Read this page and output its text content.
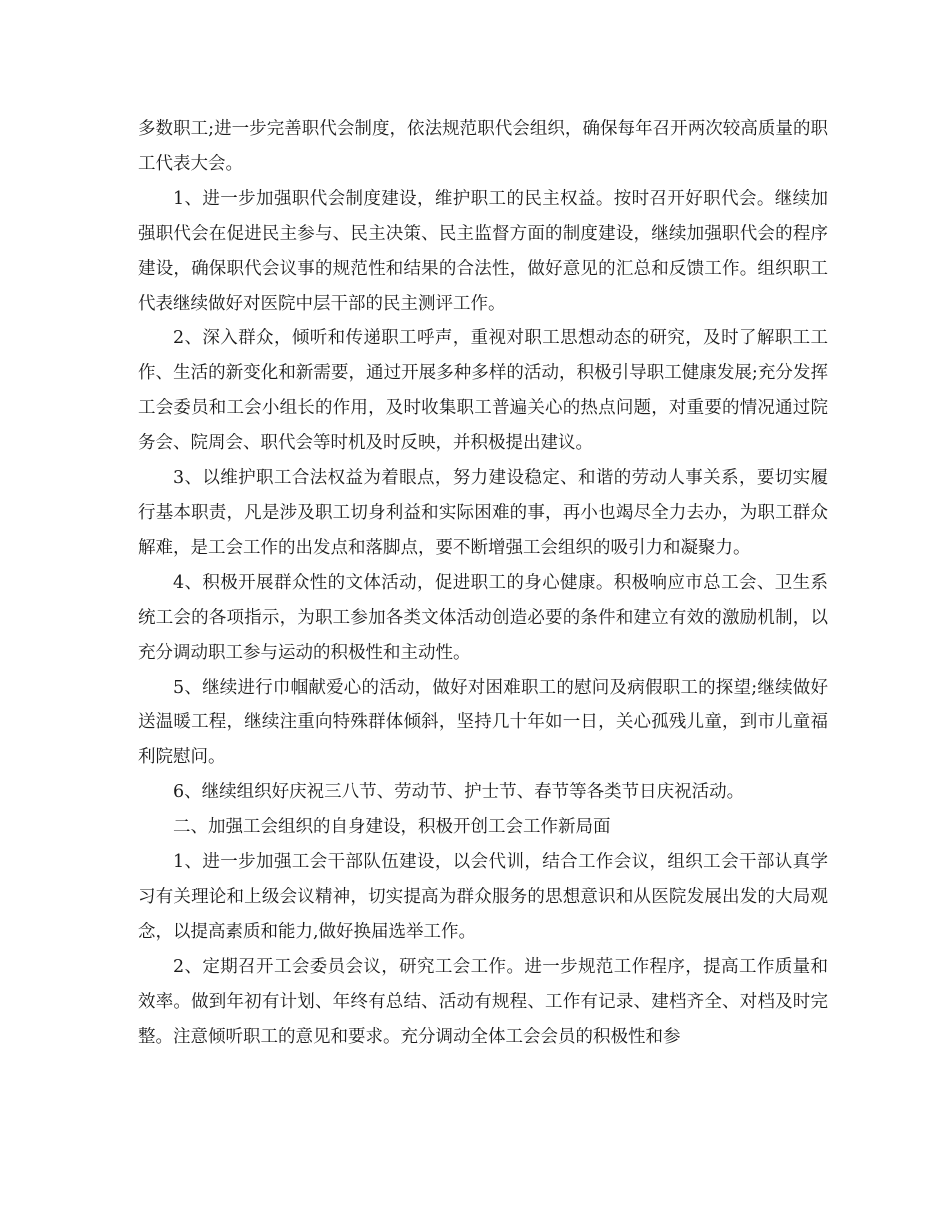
多数职工;进一步完善职代会制度，依法规范职代会组织，确保每年召开两次较高质量的职工代表大会。

1、进一步加强职代会制度建设，维护职工的民主权益。按时召开好职代会。继续加强职代会在促进民主参与、民主决策、民主监督方面的制度建设，继续加强职代会的程序建设，确保职代会议事的规范性和结果的合法性，做好意见的汇总和反馈工作。组织职工代表继续做好对医院中层干部的民主测评工作。

2、深入群众，倾听和传递职工呼声，重视对职工思想动态的研究，及时了解职工工作、生活的新变化和新需要，通过开展多种多样的活动，积极引导职工健康发展;充分发挥工会委员和工会小组长的作用，及时收集职工普遍关心的热点问题，对重要的情况通过院务会、院周会、职代会等时机及时反映，并积极提出建议。

3、以维护职工合法权益为着眼点，努力建设稳定、和谐的劳动人事关系，要切实履行基本职责，凡是涉及职工切身利益和实际困难的事，再小也竭尽全力去办，为职工群众解难，是工会工作的出发点和落脚点，要不断增强工会组织的吸引力和凝聚力。

4、积极开展群众性的文体活动，促进职工的身心健康。积极响应市总工会、卫生系统工会的各项指示，为职工参加各类文体活动创造必要的条件和建立有效的激励机制，以充分调动职工参与运动的积极性和主动性。

5、继续进行巾帼献爱心的活动，做好对困难职工的慰问及病假职工的探望;继续做好送温暖工程，继续注重向特殊群体倾斜，坚持几十年如一日，关心孤残儿童，到市儿童福利院慰问。

6、继续组织好庆祝三八节、劳动节、护士节、春节等各类节日庆祝活动。

二、加强工会组织的自身建设，积极开创工会工作新局面

1、进一步加强工会干部队伍建设，以会代训，结合工作会议，组织工会干部认真学习有关理论和上级会议精神，切实提高为群众服务的思想意识和从医院发展出发的大局观念，以提高素质和能力,做好换届选举工作。

2、定期召开工会委员会议，研究工会工作。进一步规范工作程序，提高工作质量和效率。做到年初有计划、年终有总结、活动有规程、工作有记录、建档齐全、对档及时完整。注意倾听职工的意见和要求。充分调动全体工会会员的积极性和参
